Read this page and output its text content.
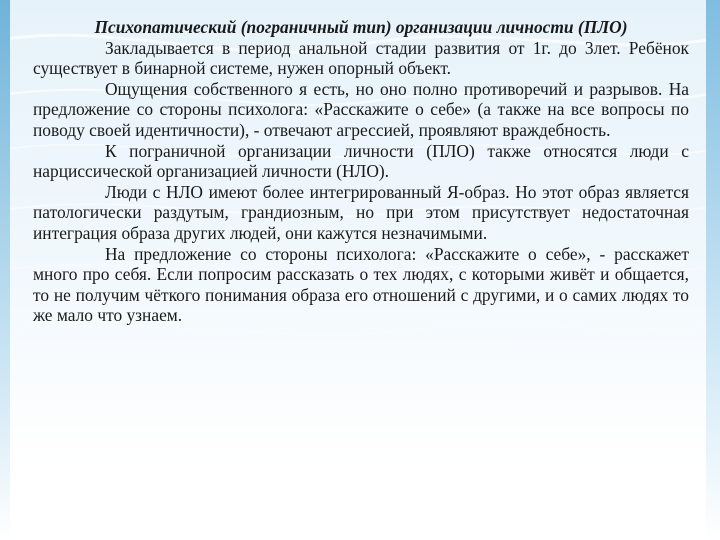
Психопатический (пограничный тип) организации личности (ПЛО)

Закладывается в период анальной стадии развития от 1г. до 3лет. Ребёнок существует в бинарной системе, нужен опорный объект.

Ощущения собственного я есть, но оно полно противоречий и разрывов. На предложение со стороны психолога: «Расскажите о себе» (а также на все вопросы по поводу своей идентичности), - отвечают агрессией, проявляют враждебность.

К пограничной организации личности (ПЛО) также относятся люди с нарциссической организацией личности (НЛО).

Люди с НЛО имеют более интегрированный Я-образ. Но этот образ является патологически раздутым, грандиозным, но при этом присутствует недостаточная интеграция образа других людей, они кажутся незначимыми.

На предложение со стороны психолога: «Расскажите о себе», - расскажет много про себя. Если попросим рассказать о тех людях, с которыми живёт и общается, то не получим чёткого понимания образа его отношений с другими, и о самих людях то же мало что узнаем.
